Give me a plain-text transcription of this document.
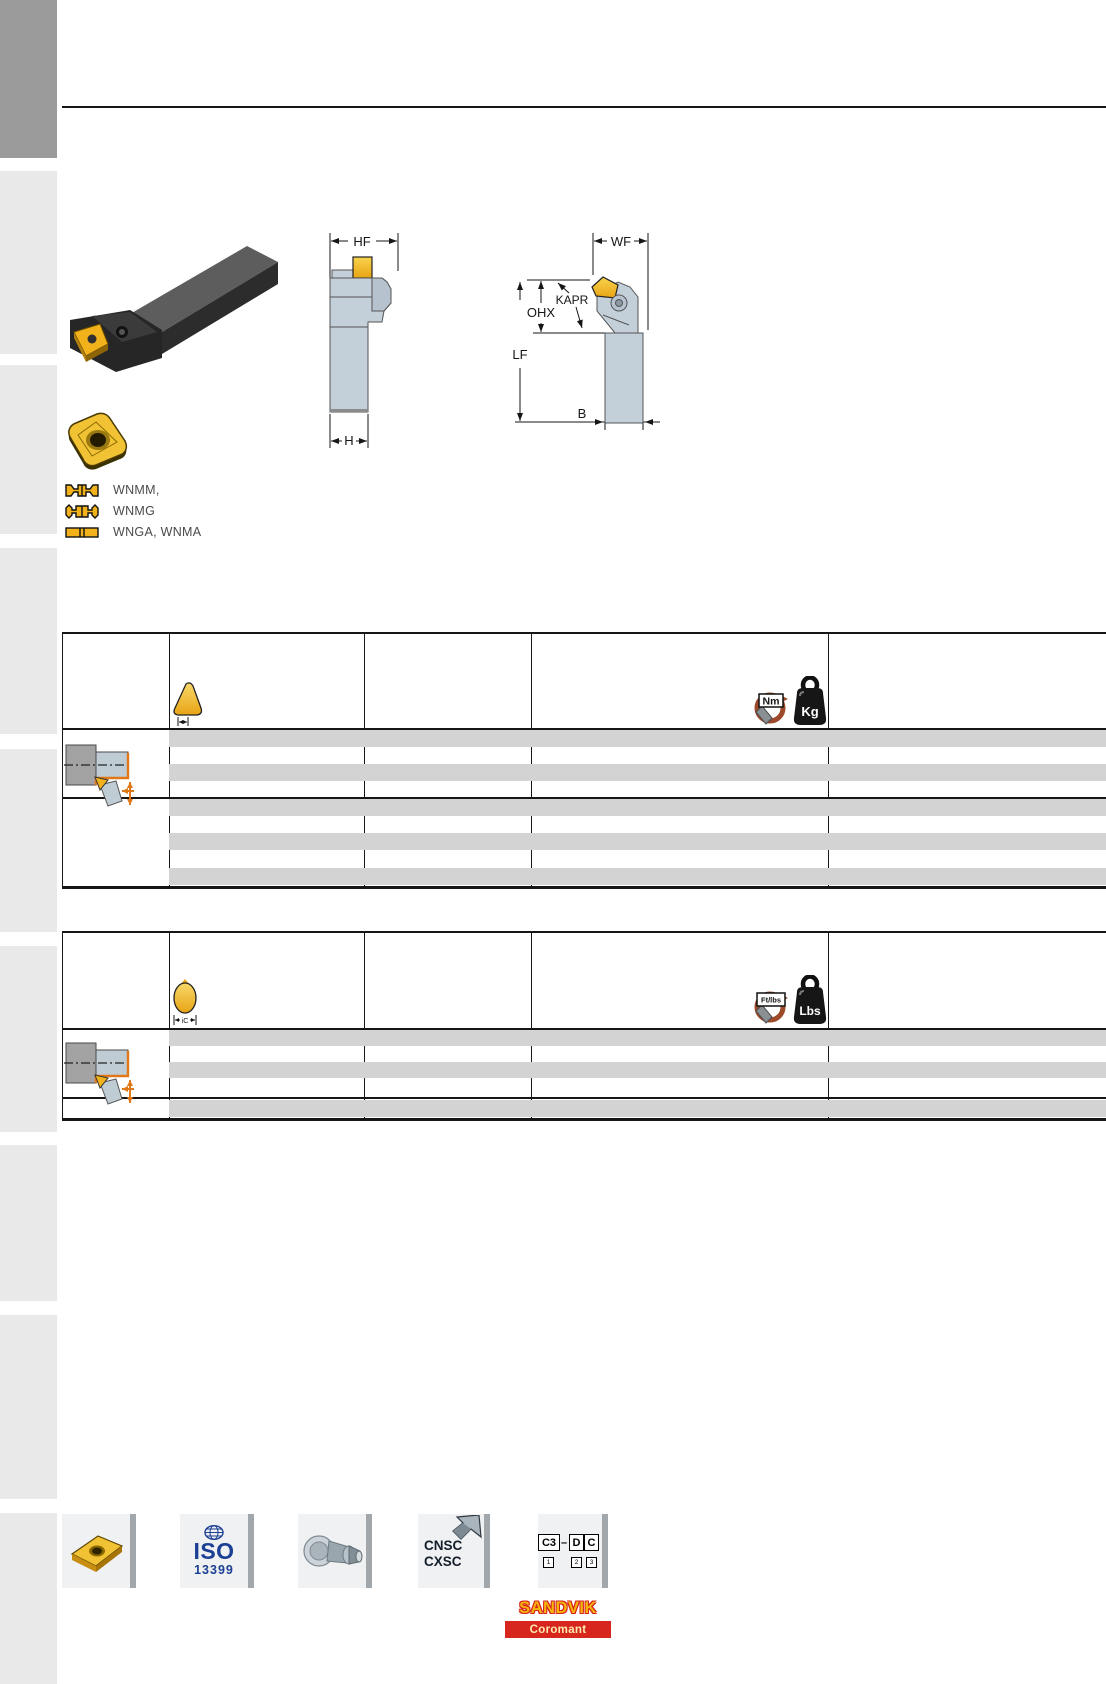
WNMM,
WNMG
WNGA, WNMA
HF
H
WF
OHX
KAPR
LF
B
Nm
Kg
iC
Ft/lbs
Lbs
ISO
13399
CNSC
CXSC
C3 – D C
1	2	3
SANDVIK
Coromant
